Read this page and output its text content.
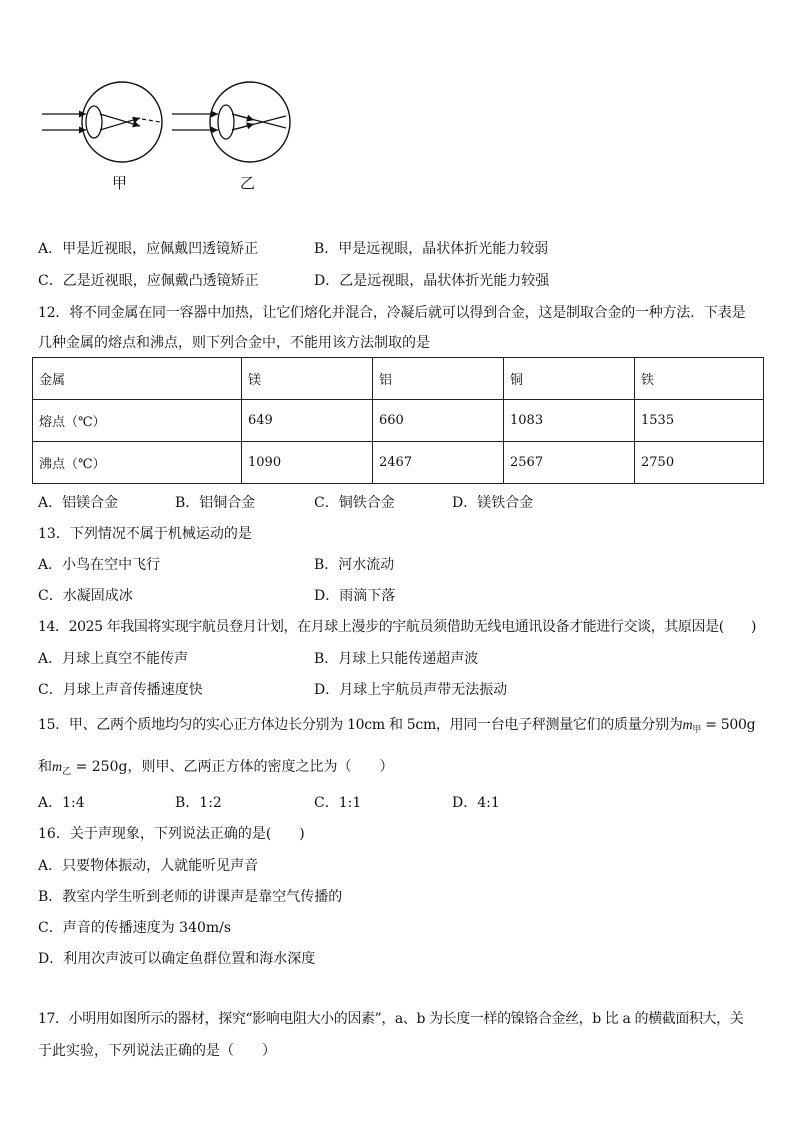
甲	乙
A．甲是近视眼，应佩戴凹透镜矫正	B．甲是远视眼，晶状体折光能力较弱
C．乙是近视眼，应佩戴凸透镜矫正	D．乙是远视眼，晶状体折光能力较强
12．将不同金属在同一容器中加热，让它们熔化并混合，冷凝后就可以得到合金，这是制取合金的一种方法．下表是
几种金属的熔点和沸点，则下列合金中，不能用该方法制取的是
金属	镁	铝	铜	铁
熔点（℃）	649	660	1083	1535
沸点（℃）	1090	2467	2567	2750
A．铝镁合金	B．铝铜合金	C．铜铁合金	D．镁铁合金
13．下列情况不属于机械运动的是
A．小鸟在空中飞行	B．河水流动
C．水凝固成冰	D．雨滴下落
14．2025 年我国将实现宇航员登月计划，在月球上漫步的宇航员须借助无线电通讯设备才能进行交谈，其原因是(　　)
A．月球上真空不能传声	B．月球上只能传递超声波
C．月球上声音传播速度快	D．月球上宇航员声带无法振动
15．甲、乙两个质地均匀的实心正方体边长分别为 10cm 和 5cm，用同一台电子秤测量它们的质量分别为$m_甲 = 500g$
和$m_乙 = 250g$，则甲、乙两正方体的密度之比为（　　）
A．1:4	B．1:2	C．1:1	D．4:1
16．关于声现象，下列说法正确的是(　　)
A．只要物体振动，人就能听见声音
B．教室内学生听到老师的讲课声是靠空气传播的
C．声音的传播速度为 340m/s
D．利用次声波可以确定鱼群位置和海水深度
17．小明用如图所示的器材，探究“影响电阻大小的因素”，a、b 为长度一样的镍铬合金丝，b 比 a 的横截面积大，关
于此实验，下列说法正确的是（　　）
